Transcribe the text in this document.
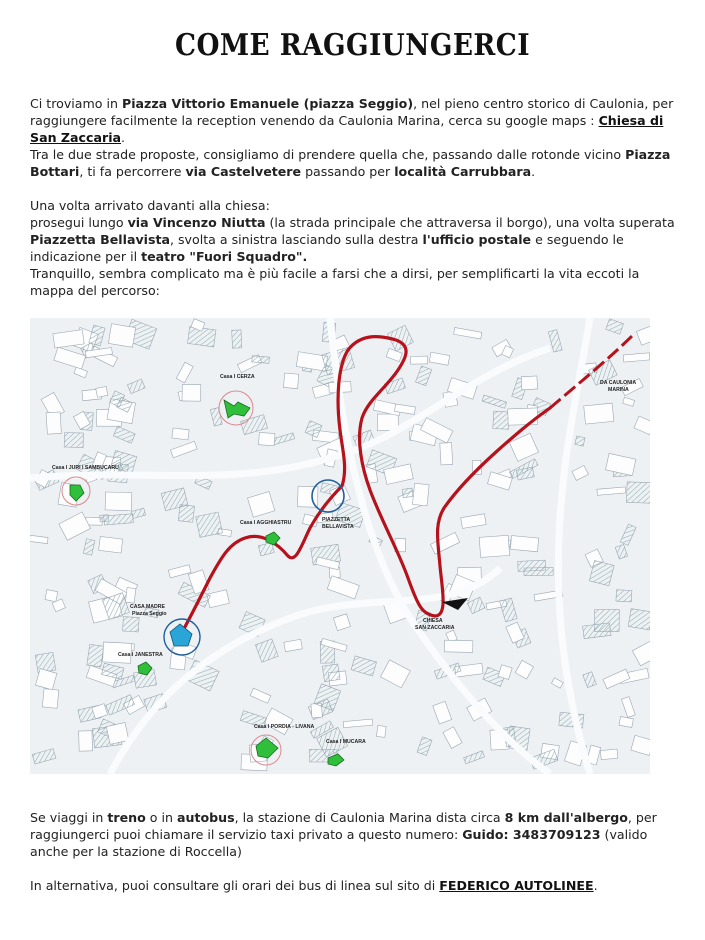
COME RAGGIUNGERCI

Ci troviamo in Piazza Vittorio Emanuele (piazza Seggio), nel pieno centro storico di Caulonia, per raggiungere facilmente la reception venendo da Caulonia Marina, cerca su google maps : Chiesa di San Zaccaria.

Tra le due strade proposte, consigliamo di prendere quella che, passando dalle rotonde vicino Piazza Bottari, ti fa percorrere via Castelvetere passando per località Carrubbara.

Una volta arrivato davanti alla chiesa:

prosegui lungo via Vincenzo Niutta (la strada principale che attraversa il borgo), una volta superata Piazzetta Bellavista, svolta a sinistra lasciando sulla destra l'ufficio postale e seguendo le indicazione per il teatro "Fuori Squadro".

Tranquillo, sembra complicato ma è più facile a farsi che a dirsi, per semplificarti la vita eccoti la mappa del percorso:

Casa I CERZA
Casa I JURI I SAMBUCARU
Casa I AGGHIASTRU	PIAZZETTA
BELLAVISTA
CASA MADRE
Piazza Seggio
Casa I JANESTRA
CHIESA
SAN ZACCARIA
DA CAULONIA
MARINA
Casa I PORDIA - LIVANA
Casa I MUCARA

Se viaggi in treno o in autobus, la stazione di Caulonia Marina dista circa 8 km dall'albergo, per raggiungerci puoi chiamare il servizio taxi privato a questo numero: Guido: 3483709123 (valido anche per la stazione di Roccella)

In alternativa, puoi consultare gli orari dei bus di linea sul sito di FEDERICO AUTOLINEE.
